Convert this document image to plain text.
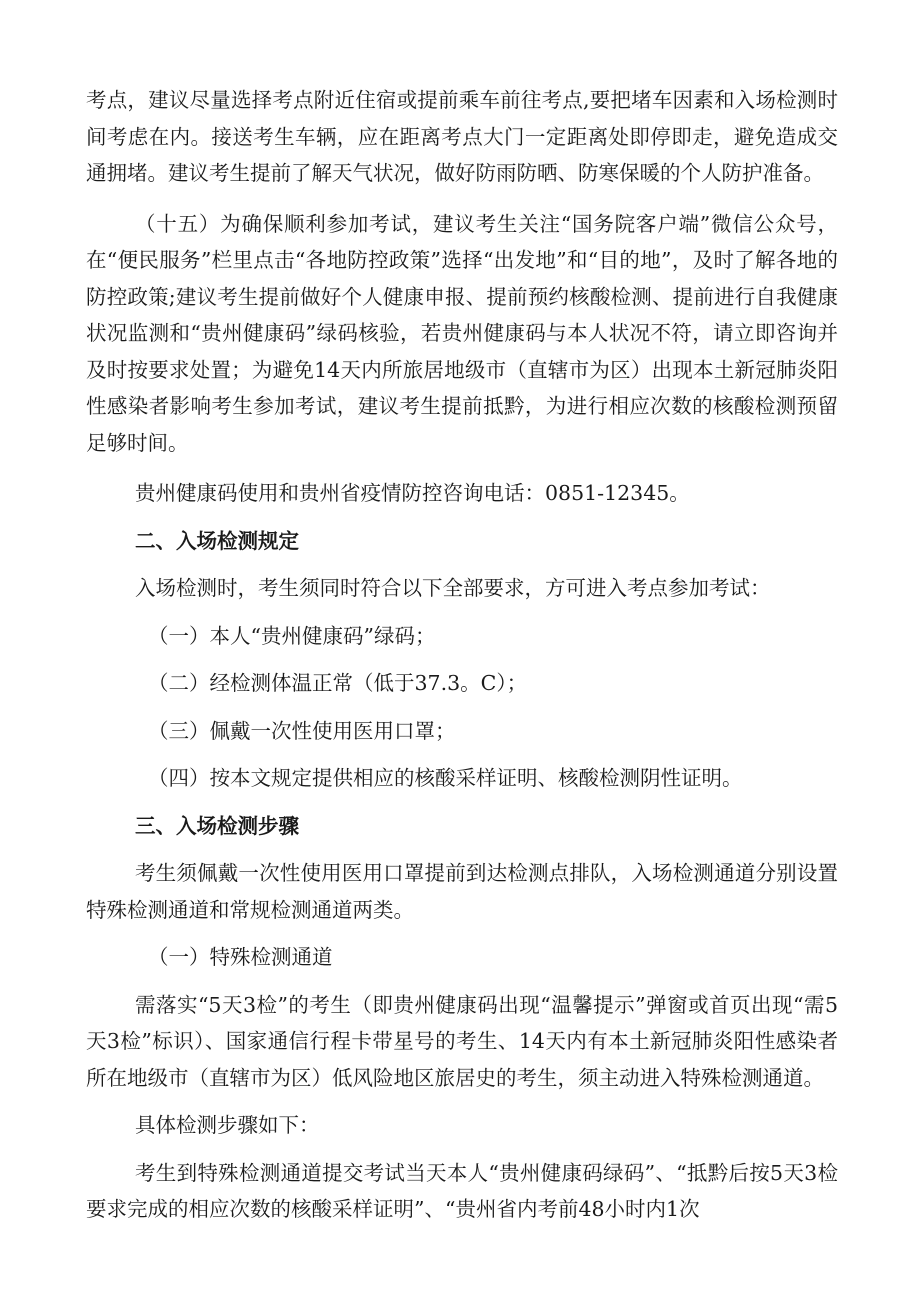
考点，建议尽量选择考点附近住宿或提前乘车前往考点,要把堵车因素和入场检测时间考虑在内。接送考生车辆，应在距离考点大门一定距离处即停即走，避免造成交通拥堵。建议考生提前了解天气状况，做好防雨防晒、防寒保暖的个人防护准备。

（十五）为确保顺利参加考试，建议考生关注“国务院客户端”微信公众号，在“便民服务”栏里点击“各地防控政策”选择“出发地”和“目的地”，及时了解各地的防控政策;建议考生提前做好个人健康申报、提前预约核酸检测、提前进行自我健康状况监测和“贵州健康码”绿码核验，若贵州健康码与本人状况不符，请立即咨询并及时按要求处置；为避免14天内所旅居地级市（直辖市为区）出现本土新冠肺炎阳性感染者影响考生参加考试，建议考生提前抵黔，为进行相应次数的核酸检测预留足够时间。

贵州健康码使用和贵州省疫情防控咨询电话：0851-12345。

二、入场检测规定

入场检测时，考生须同时符合以下全部要求，方可进入考点参加考试：

（一）本人“贵州健康码”绿码；

（二）经检测体温正常（低于37.3。C）；

（三）佩戴一次性使用医用口罩；

（四）按本文规定提供相应的核酸采样证明、核酸检测阴性证明。

三、入场检测步骤

考生须佩戴一次性使用医用口罩提前到达检测点排队，入场检测通道分别设置特殊检测通道和常规检测通道两类。

（一）特殊检测通道

需落实“5天3检”的考生（即贵州健康码出现“温馨提示”弹窗或首页出现“需5天3检”标识）、国家通信行程卡带星号的考生、14天内有本土新冠肺炎阳性感染者所在地级市（直辖市为区）低风险地区旅居史的考生，须主动进入特殊检测通道。

具体检测步骤如下：

考生到特殊检测通道提交考试当天本人“贵州健康码绿码”、“抵黔后按5天3检要求完成的相应次数的核酸采样证明”、“贵州省内考前48小时内1次
